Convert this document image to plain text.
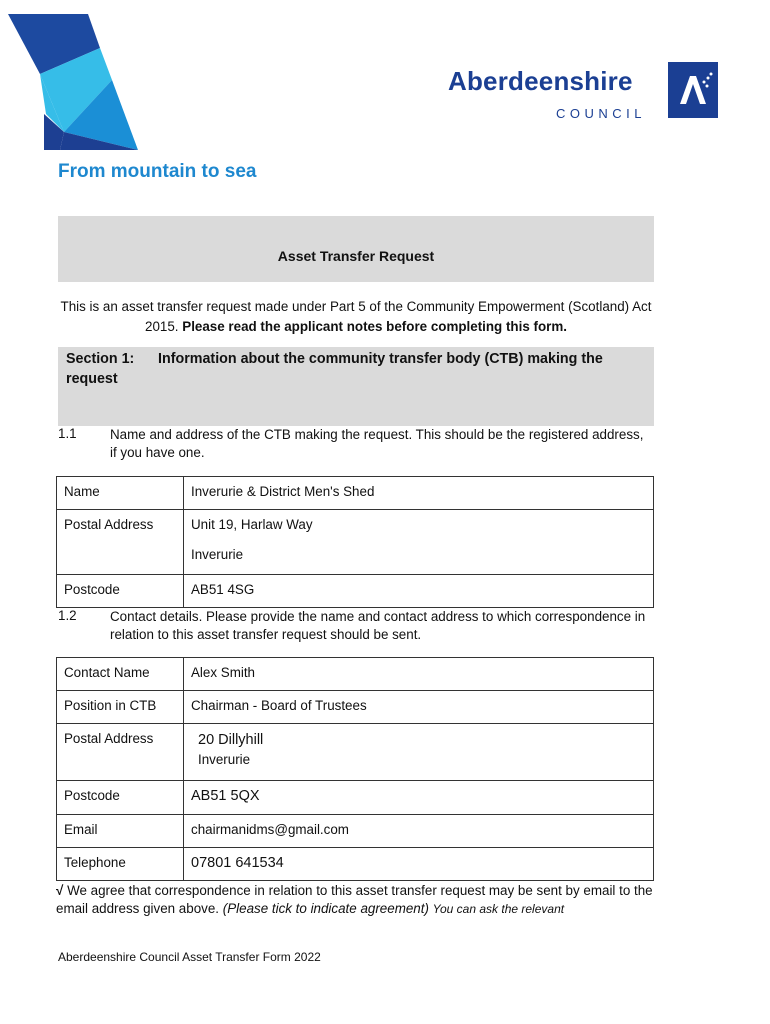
Aberdeenshire
COUNCIL
From mountain to sea
Asset Transfer Request
This is an asset transfer request made under Part 5 of the Community Empowerment (Scotland) Act 2015. Please read the applicant notes before completing this form.
Section 1: Information about the community transfer body (CTB) making the request
1.1 Name and address of the CTB making the request. This should be the registered address, if you have one.
Name	Inverurie & District Men's Shed
Postal Address	Unit 19, Harlaw Way
Inverurie

Postcode	AB51 4SG
1.2 Contact details. Please provide the name and contact address to which correspondence in relation to this asset transfer request should be sent.
Contact Name	Alex Smith
Position in CTB	Chairman - Board of Trustees
Postal Address	20 Dillyhill
Inverurie

Postcode	AB51 5QX
Email	chairmanidms@gmail.com
Telephone	07801 641534
√ We agree that correspondence in relation to this asset transfer request may be sent by email to the email address given above. (Please tick to indicate agreement) You can ask the relevant
Aberdeenshire Council Asset Transfer Form 2022
